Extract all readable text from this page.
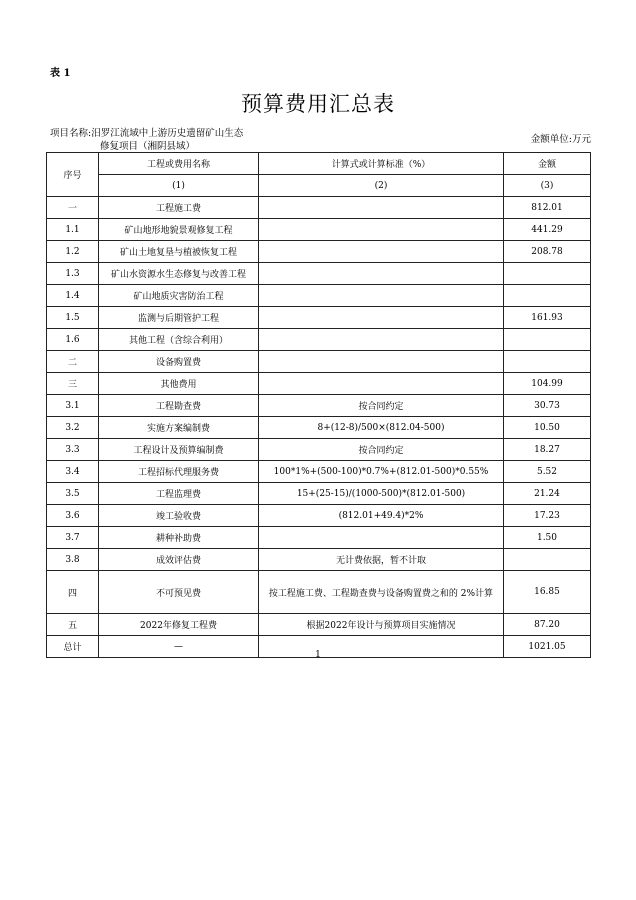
表 1
预算费用汇总表
项目名称:汨罗江流域中上游历史遗留矿山生态
修复项目（湘阴县域）
金额单位:万元
序号	工程或费用名称	计算式或计算标准（%）	金额
	(1)	(2)	(3)
一	工程施工费		812.01
1.1	矿山地形地貌景观修复工程		441.29
1.2	矿山土地复垦与植被恢复工程		208.78
1.3	矿山水资源水生态修复与改善工程		
1.4	矿山地质灾害防治工程		
1.5	监测与后期管护工程		161.93
1.6	其他工程（含综合利用）		
二	设备购置费		
三	其他费用		104.99
3.1	工程勘查费	按合同约定	30.73
3.2	实施方案编制费	8+(12-8)/500×(812.04-500)	10.50
3.3	工程设计及预算编制费	按合同约定	18.27
3.4	工程招标代理服务费	100*1%+(500-100)*0.7%+(812.01-500)*0.55%	5.52
3.5	工程监理费	15+(25-15)/(1000-500)*(812.01-500)	21.24
3.6	竣工验收费	(812.01+49.4)*2%	17.23
3.7	耕种补助费		1.50
3.8	成效评估费	无计费依据，暂不计取	
四	不可预见费	按工程施工费、工程勘查费与设备购置费之和的 2%计算	16.85
五	2022年修复工程费	根据2022年设计与预算项目实施情况	87.20
总计	—		1021.05
1
